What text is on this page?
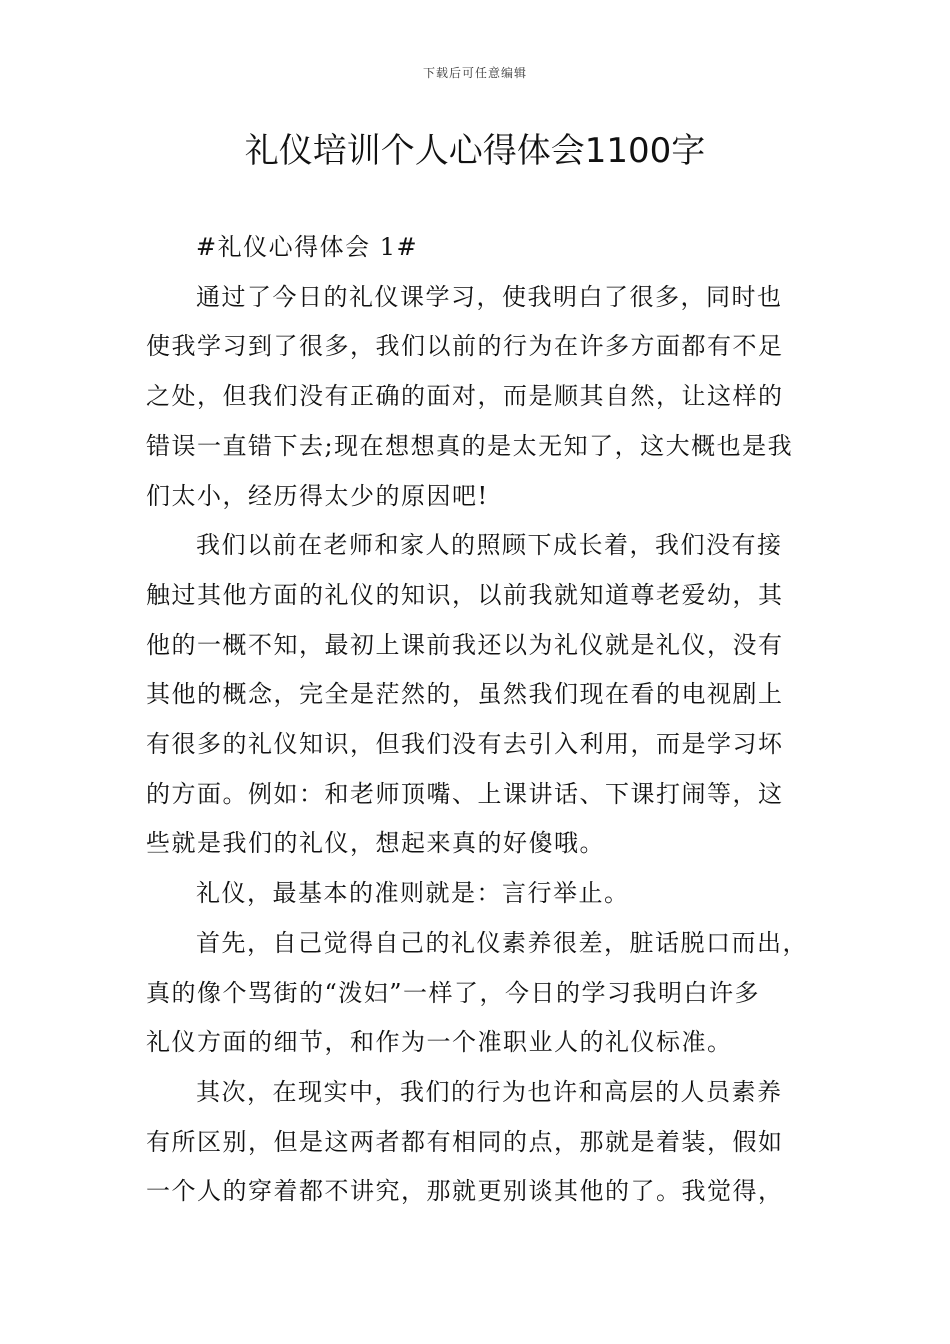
下载后可任意编辑
礼仪培训个人心得体会1100字

#礼仪心得体会 1#

通过了今日的礼仪课学习，使我明白了很多，同时也
使我学习到了很多，我们以前的行为在许多方面都有不足
之处，但我们没有正确的面对，而是顺其自然，让这样的
错误一直错下去;现在想想真的是太无知了，这大概也是我
们太小，经历得太少的原因吧!

我们以前在老师和家人的照顾下成长着，我们没有接
触过其他方面的礼仪的知识，以前我就知道尊老爱幼，其
他的一概不知，最初上课前我还以为礼仪就是礼仪，没有
其他的概念，完全是茫然的，虽然我们现在看的电视剧上
有很多的礼仪知识，但我们没有去引入利用，而是学习坏
的方面。例如：和老师顶嘴、上课讲话、下课打闹等，这
些就是我们的礼仪，想起来真的好傻哦。

礼仪，最基本的准则就是：言行举止。

首先，自己觉得自己的礼仪素养很差，脏话脱口而出，
真的像个骂街的“泼妇”一样了，今日的学习我明白许多
礼仪方面的细节，和作为一个准职业人的礼仪标准。

其次，在现实中，我们的行为也许和高层的人员素养
有所区别，但是这两者都有相同的点，那就是着装，假如
一个人的穿着都不讲究，那就更别谈其他的了。我觉得，
